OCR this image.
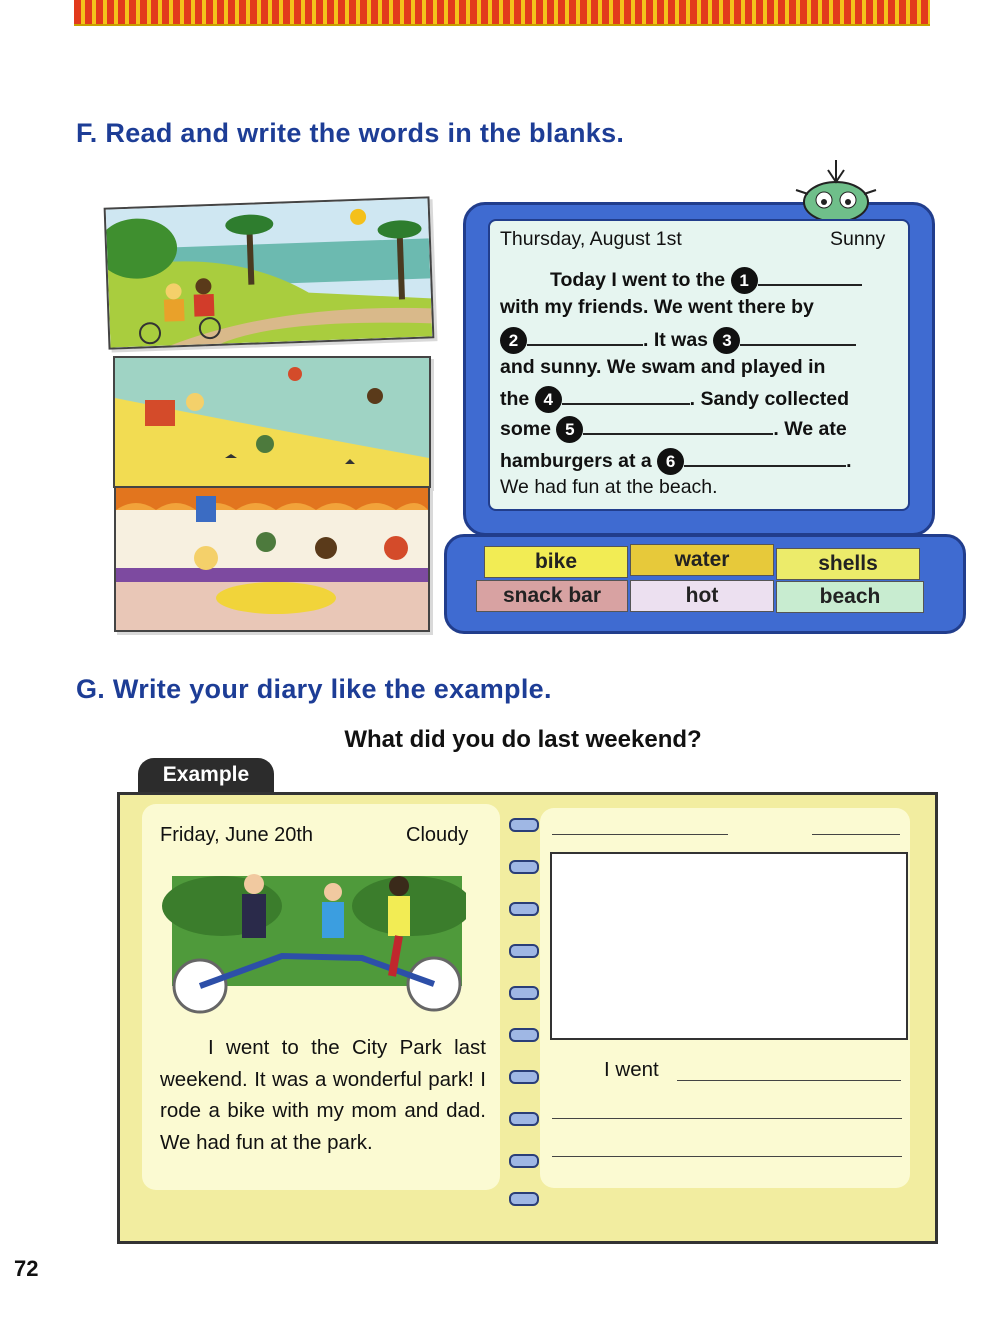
F. Read and write the words in the blanks.
Thursday, August 1st	Sunny
Today I went to the 1
with my friends. We went there by
2	. It was 3
and sunny. We swam and played in
the 4	. Sandy collected
some 5	. We ate
hamburgers at a 6	.
We had fun at the beach.
bike	water	shells
snack bar	hot	beach
G. Write your diary like the example.
What did you do last weekend?
Example
Friday, June 20th	Cloudy
I went to the City Park last weekend. It was a wonderful park! I rode a bike with my mom and dad. We had fun at the park.
I went
72
